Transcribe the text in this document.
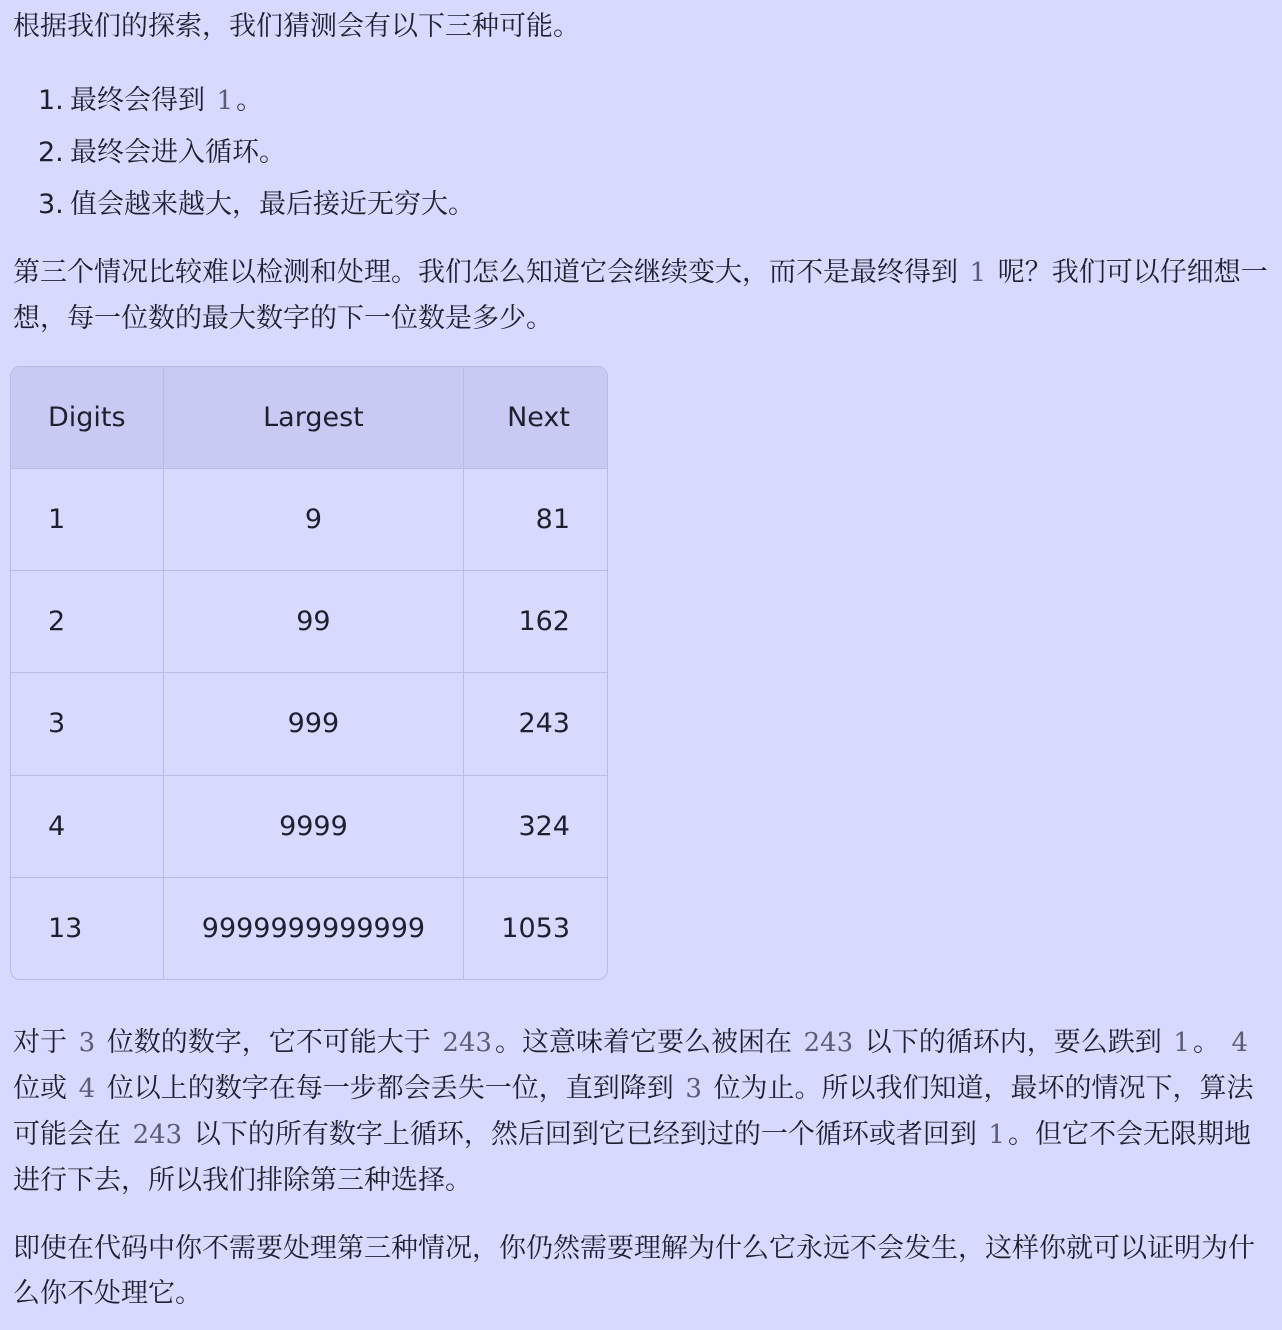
根据我们的探索，我们猜测会有以下三种可能。

1. 最终会得到 1 。
2. 最终会进入循环。
3. 值会越来越大，最后接近无穷大。

第三个情况比较难以检测和处理。我们怎么知道它会继续变大，而不是最终得到 1 呢？我们可以仔细想一想，每一位数的最大数字的下一位数是多少。

Digits	Largest	Next
1	9	81
2	99	162
3	999	243
4	9999	324
13	9999999999999	1053

对于 3 位数的数字，它不可能大于 243 。这意味着它要么被困在 243 以下的循环内，要么跌到 1 。 4 位或 4 位以上的数字在每一步都会丢失一位，直到降到 3 位为止。所以我们知道，最坏的情况下，算法可能会在 243 以下的所有数字上循环，然后回到它已经到过的一个循环或者回到 1 。但它不会无限期地进行下去，所以我们排除第三种选择。

即使在代码中你不需要处理第三种情况，你仍然需要理解为什么它永远不会发生，这样你就可以证明为什么你不处理它。
